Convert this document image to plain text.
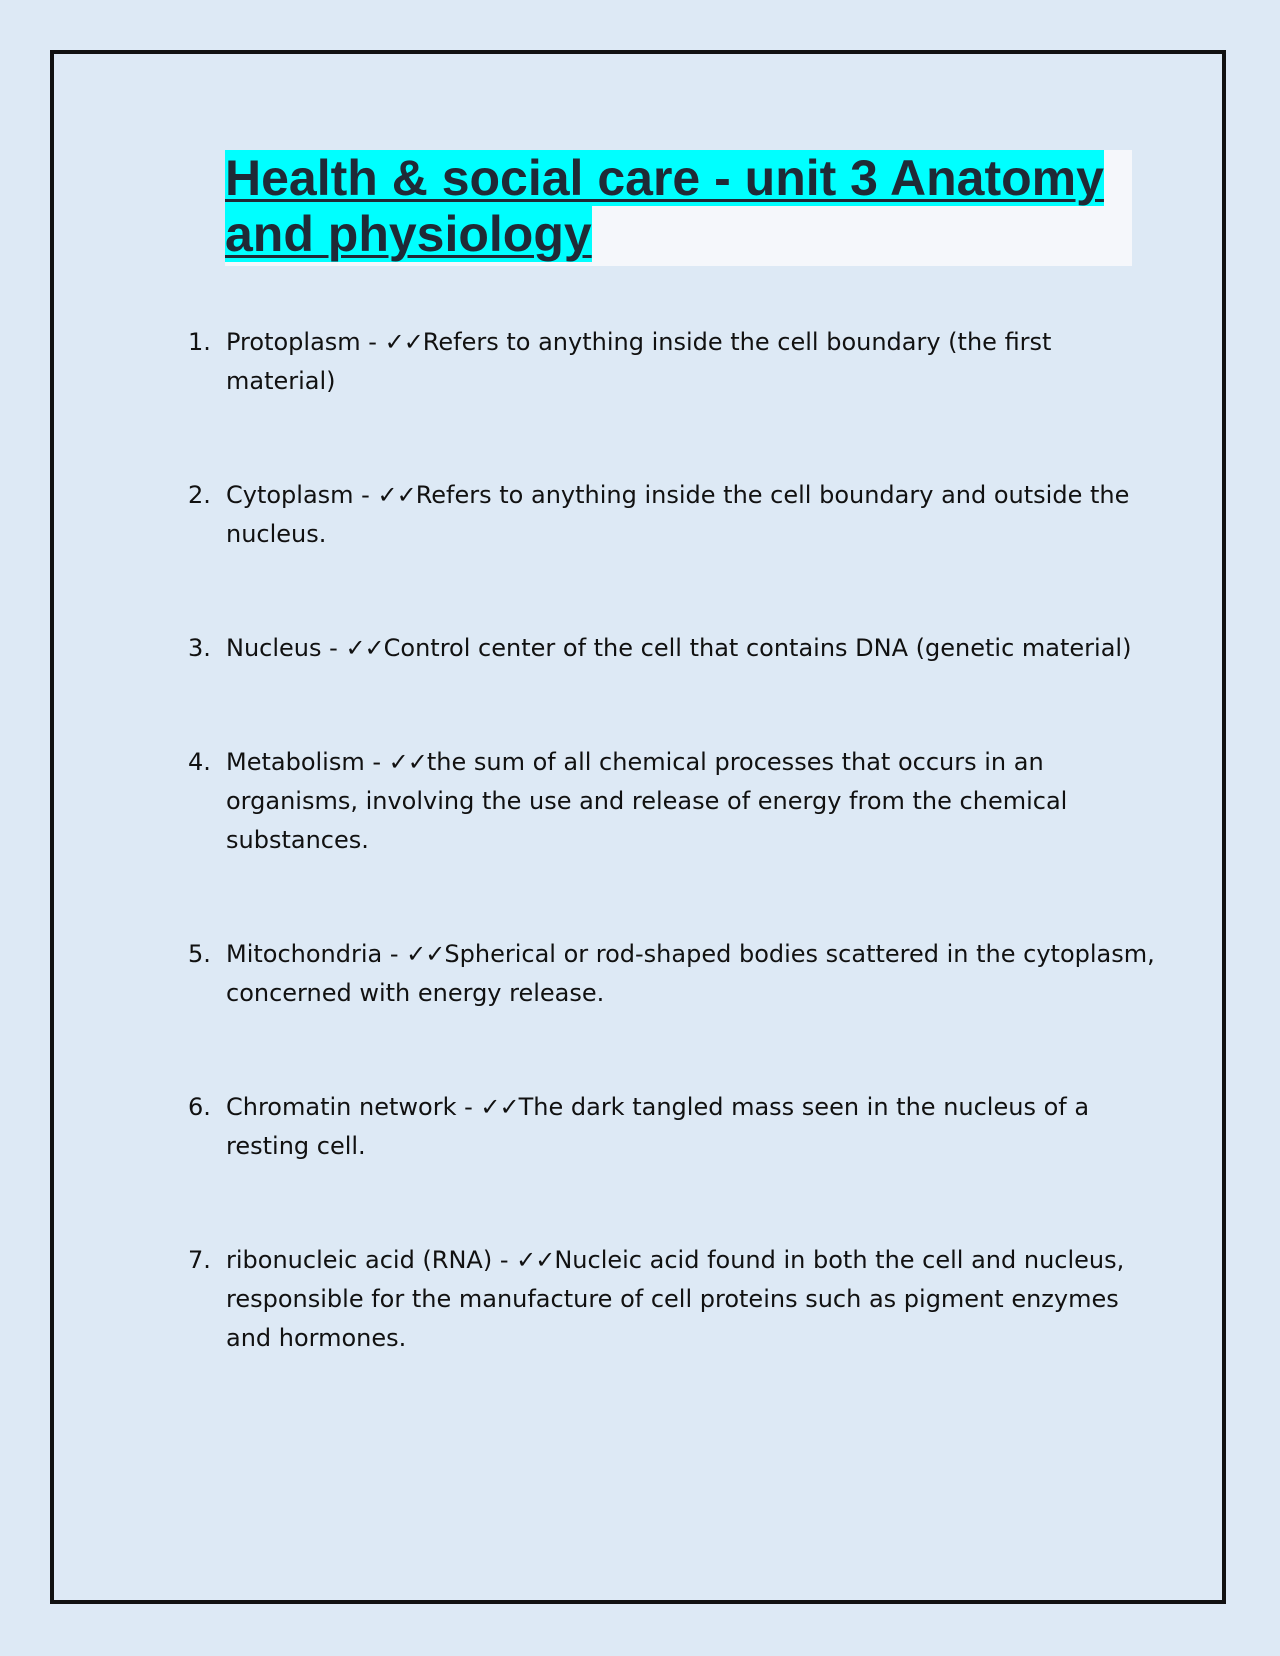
Health & social care - unit 3 Anatomy and physiology
1. Protoplasm - ✓✓Refers to anything inside the cell boundary (the first material)
2. Cytoplasm - ✓✓Refers to anything inside the cell boundary and outside the nucleus.
3. Nucleus - ✓✓Control center of the cell that contains DNA (genetic material)
4. Metabolism - ✓✓the sum of all chemical processes that occurs in an organisms, involving the use and release of energy from the chemical substances.
5. Mitochondria - ✓✓Spherical or rod-shaped bodies scattered in the cytoplasm, concerned with energy release.
6. Chromatin network - ✓✓The dark tangled mass seen in the nucleus of a resting cell.
7. ribonucleic acid (RNA) - ✓✓Nucleic acid found in both the cell and nucleus, responsible for the manufacture of cell proteins such as pigment enzymes and hormones.
